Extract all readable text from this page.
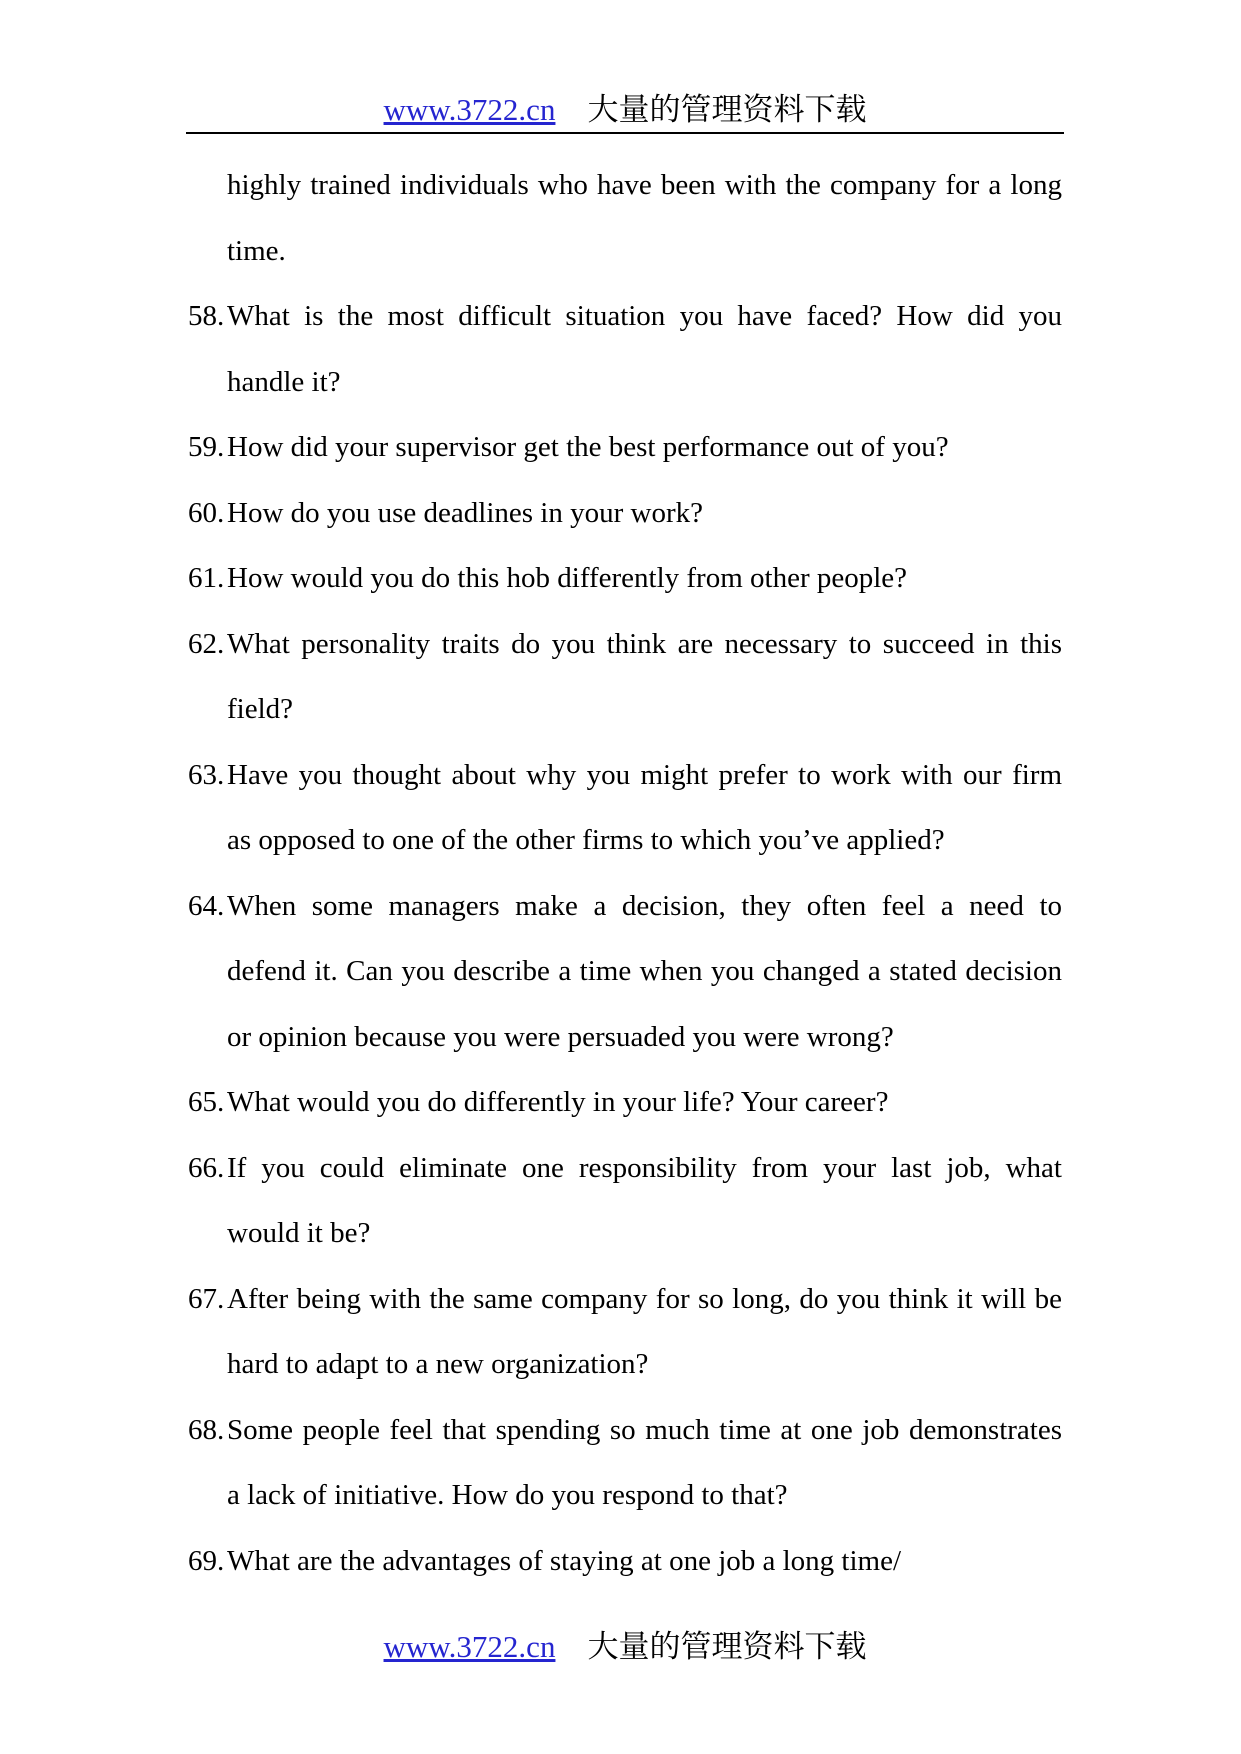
www.3722.cn 大量的管理资料下载
highly trained individuals who have been with the company for a long
time.
58. What is the most difficult situation you have faced? How did you
handle it?
59. How did your supervisor get the best performance out of you?
60. How do you use deadlines in your work?
61. How would you do this hob differently from other people?
62. What personality traits do you think are necessary to succeed in this
field?
63. Have you thought about why you might prefer to work with our firm
as opposed to one of the other firms to which you’ve applied?
64. When some managers make a decision, they often feel a need to
defend it. Can you describe a time when you changed a stated decision
or opinion because you were persuaded you were wrong?
65. What would you do differently in your life? Your career?
66. If you could eliminate one responsibility from your last job, what
would it be?
67. After being with the same company for so long, do you think it will be
hard to adapt to a new organization?
68. Some people feel that spending so much time at one job demonstrates
a lack of initiative. How do you respond to that?
69. What are the advantages of staying at one job a long time/
www.3722.cn 大量的管理资料下载
